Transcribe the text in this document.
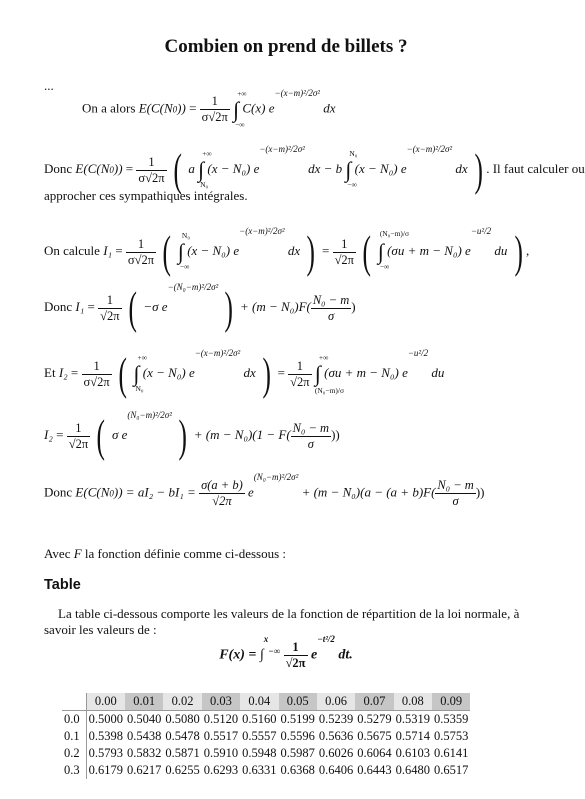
Combien on prend de billets ?
...
On a alors $E(C(N0)) = \frac{1}{\sigma√2\pi}$ ∫
+∞
−∞
C(x) $e^{-(x-m)^2/2\sigma^2}$ dx
Donc $E(C(N0)) = \frac{1}{\sigma√2\pi}$ ( a ∫
+∞
N₀
(x − N₀) $e^{-(x-m)^2/2\sigma^2}$ dx − b ∫
N₀
−∞
(x − N₀) $e^{-(x-m)^2/2\sigma^2}$ dx ) . Il faut calculer ou
approcher ces sympathiques intégrales.
On calcule $I_1 = \frac{1}{\sigma√2\pi}$ ( ∫
N₀
−∞
(x − N₀) $e^{-(x-m)^2/2\sigma^2}$ dx ) = $\frac{1}{√2\pi}$ ( ∫
(N₀−m)/σ
−∞
(σu + m − N₀) $e^{-u^2/2}$ du ) ,
Donc $I_1 = \frac{1}{√2\pi}$ ( −σ $e^{-(N_0-m)^2/2\sigma^2}$ ) + $(m - N_0)F( \frac{\text{N₀ − m}}{\sigma}$ )
Et $I_2 = \frac{1}{\sigma√2\pi}$ ( ∫
+∞
N₀
(x − N₀) $e^{-(x-m)^2/2\sigma^2}$ dx ) = $\frac{1}{√2\pi}$ ∫
+∞
(N₀−m)/σ
(σu + m − N₀) $e^{-u^2/2}$ du
$I_2 = \frac{1}{√2\pi}$ ( σ $e^{(N_0-m)^2/2\sigma^2}$ ) + $(m - N_0)(1 - F( \frac{\text{N₀ − m}}{\sigma}$ ))
Donc $E(C(N0)) = aI_2 - bI_1 = \frac{\sigma(a + b)}{√2\pi} e^{(N_0-m)^2/2\sigma^2} + (m - N_0)(a - (a + b)F( \frac{\text{N₀ − m}}{\sigma}$ ))
Avec F la fonction définie comme ci-dessous :
Table
La table ci-dessous comporte les valeurs de la fonction de répartition de la loi normale, à
savoir les valeurs de :
$F(x) = \int^{x-\infty} \frac{1}{√2\pi} e^{-t^2/2}$ dt.
	0.00	0.01	0.02	0.03	0.04	0.05	0.06	0.07	0.08	0.09
0.0	0.5000	0.5040	0.5080	0.5120	0.5160	0.5199	0.5239	0.5279	0.5319	0.5359
0.1	0.5398	0.5438	0.5478	0.5517	0.5557	0.5596	0.5636	0.5675	0.5714	0.5753
0.2	0.5793	0.5832	0.5871	0.5910	0.5948	0.5987	0.6026	0.6064	0.6103	0.6141
0.3	0.6179	0.6217	0.6255	0.6293	0.6331	0.6368	0.6406	0.6443	0.6480	0.6517
